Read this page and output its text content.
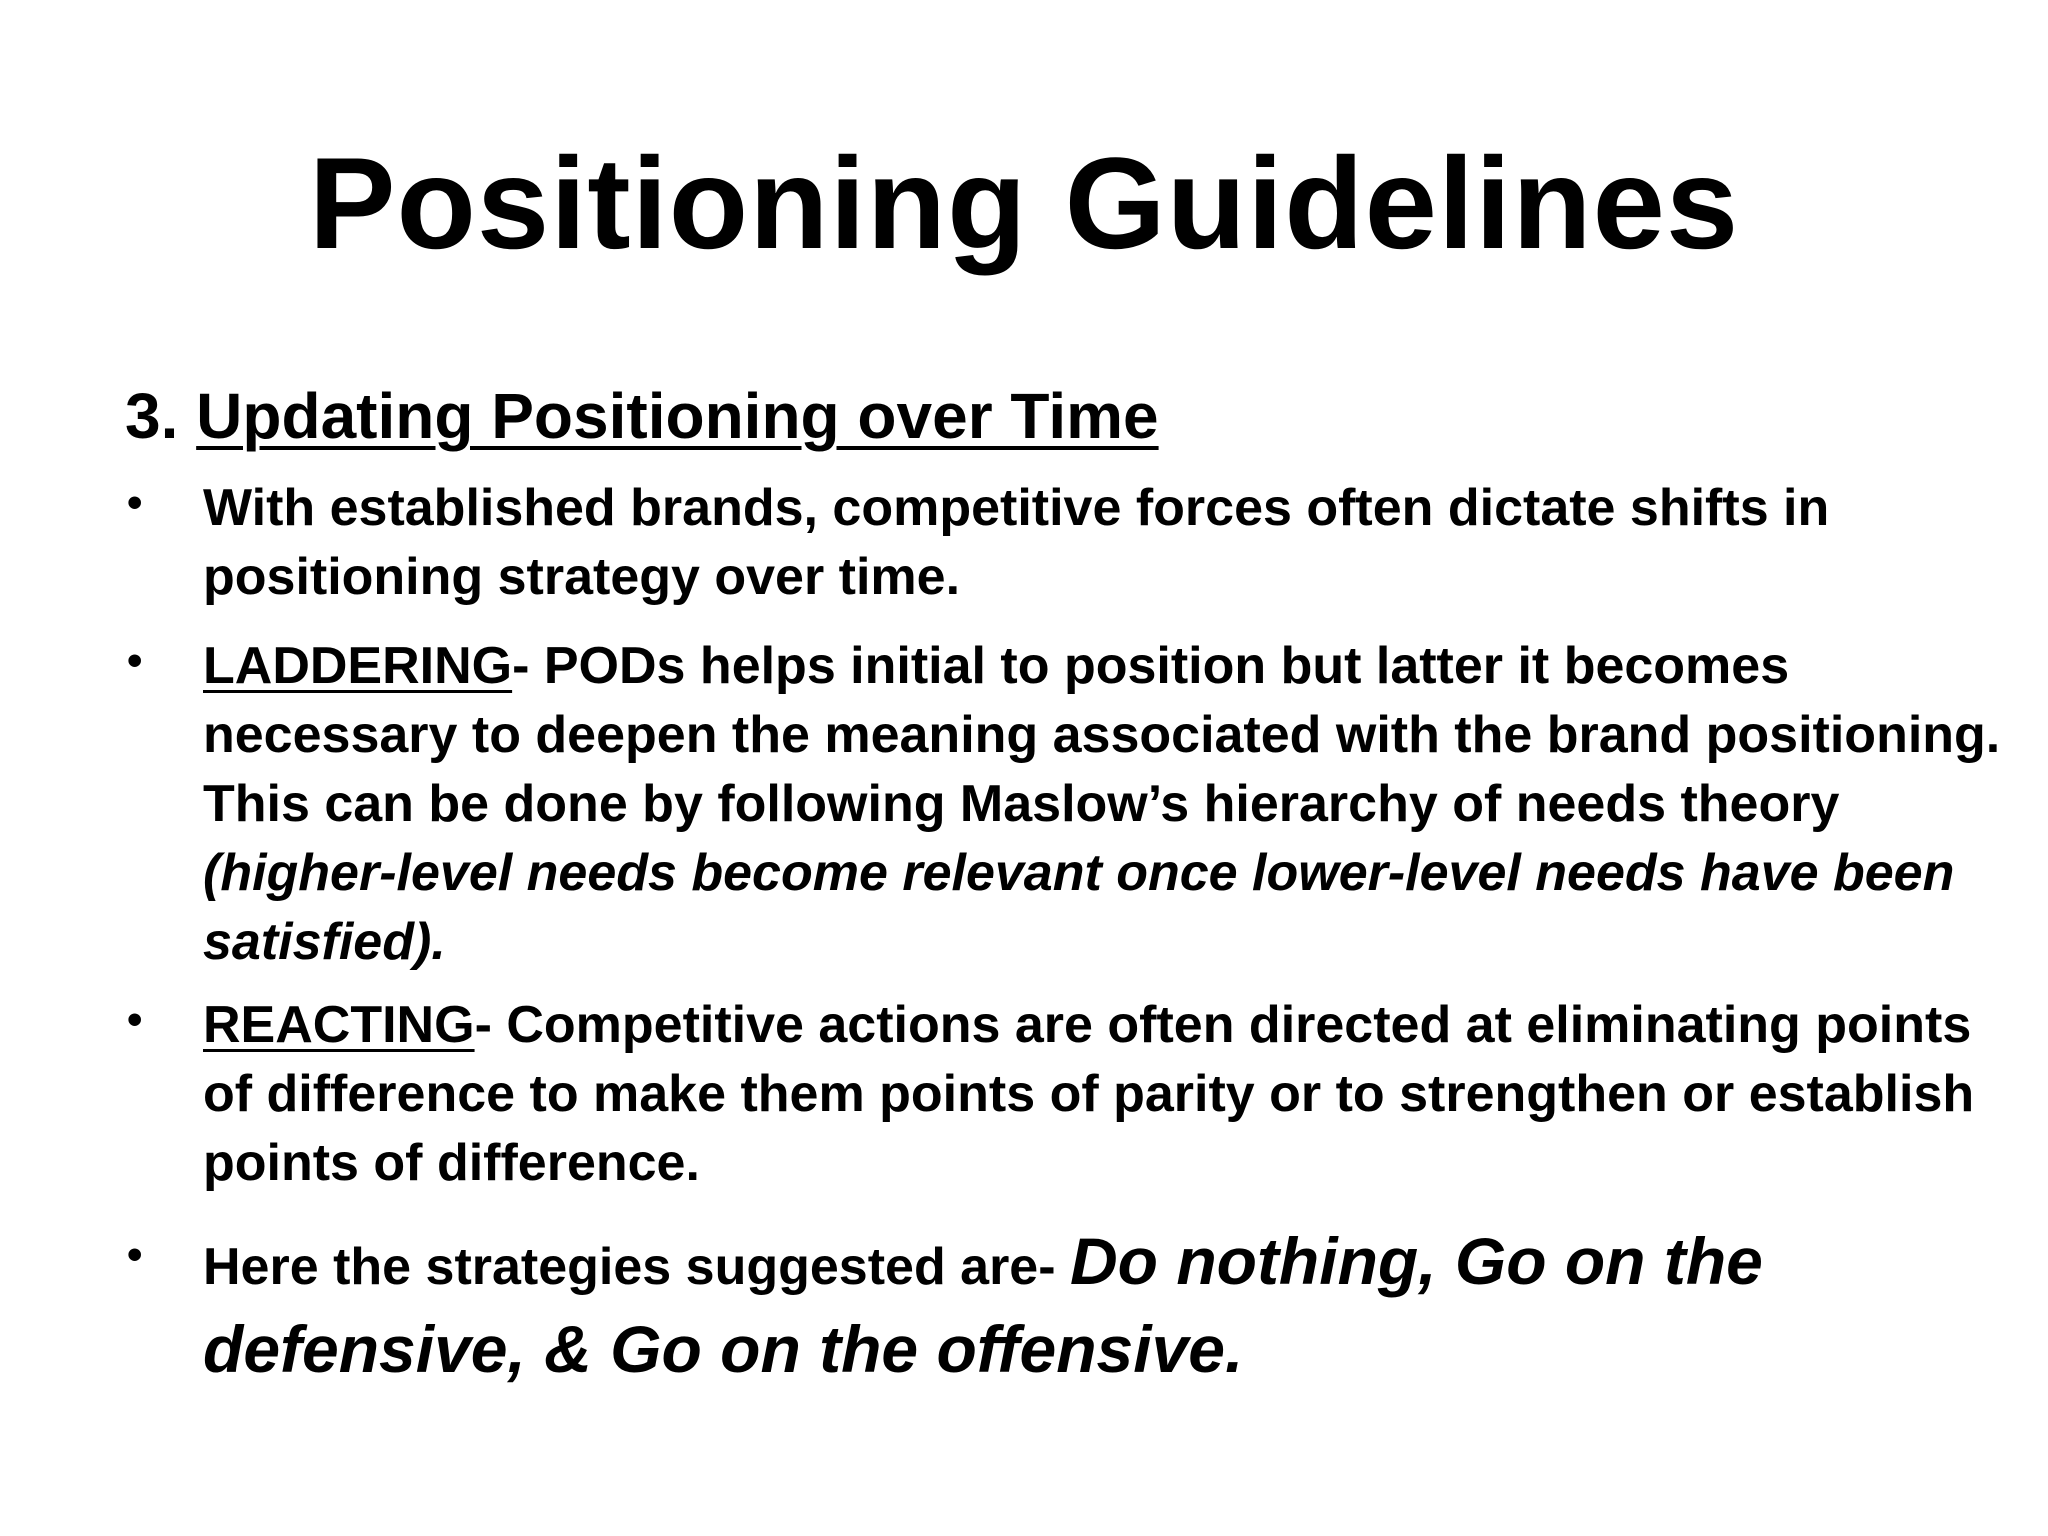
Positioning Guidelines
3. Updating Positioning over Time
• With established brands, competitive forces often dictate shifts in positioning strategy over time.
• LADDERING- PODs helps initial to position but latter it becomes necessary to deepen the meaning associated with the brand positioning. This can be done by following Maslow’s hierarchy of needs theory (higher-level needs become relevant once lower-level needs have been satisfied).
• REACTING- Competitive actions are often directed at eliminating points of difference to make them points of parity or to strengthen or establish points of difference.
• Here the strategies suggested are- Do nothing, Go on the defensive, & Go on the offensive.
